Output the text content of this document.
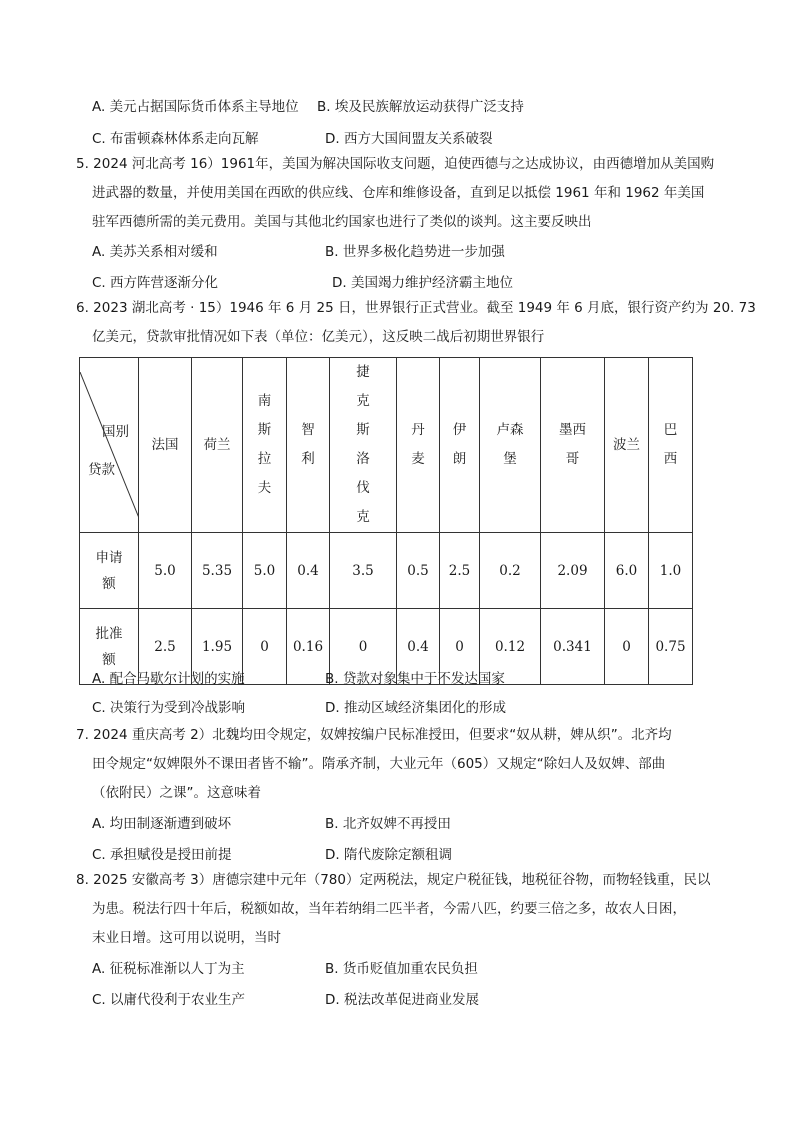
A. 美元占据国际货币体系主导地位 B. 埃及民族解放运动获得广泛支持
C. 布雷顿森林体系走向瓦解	D. 西方大国间盟友关系破裂
5. 2024 河北高考 16）1961年，美国为解决国际收支问题，迫使西德与之达成协议，由西德增加从美国购
进武器的数量，并使用美国在西欧的供应线、仓库和维修设备，直到足以抵偿 1961 年和 1962 年美国
驻军西德所需的美元费用。美国与其他北约国家也进行了类似的谈判。这主要反映出
A. 美苏关系相对缓和	B. 世界多极化趋势进一步加强
C. 西方阵营逐渐分化	D. 美国竭力维护经济霸主地位
6. 2023 湖北高考 · 15）1946 年 6 月 25 日，世界银行正式营业。截至 1949 年 6 月底，银行资产约为 20. 73
亿美元，贷款审批情况如下表（单位：亿美元），这反映二战后初期世界银行
国别
贷款	法国	荷兰	南斯拉夫	智利	捷克斯洛伐克	丹麦	伊朗	卢森堡	墨西哥	波兰	巴西

申请额	5.0	5.35	5.0	0.4	3.5	0.5	2.5	0.2	2.09	6.0	1.0

批准额	2.5	1.95	0	0.16	0	0.4	0	0.12	0.341	0	0.75
A. 配合马歇尔计划的实施	B. 贷款对象集中于不发达国家
C. 决策行为受到冷战影响	D. 推动区域经济集团化的形成
7. 2024 重庆高考 2）北魏均田令规定，奴婢按编户民标准授田，但要求“奴从耕，婢从织”。北齐均
田令规定“奴婢限外不课田者皆不输”。隋承齐制，大业元年（605）又规定“除妇人及奴婢、部曲
（依附民）之课”。这意味着
A. 均田制逐渐遭到破坏	B. 北齐奴婢不再授田
C. 承担赋役是授田前提	D. 隋代废除定额租调
8. 2025 安徽高考 3）唐德宗建中元年（780）定两税法，规定户税征钱，地税征谷物，而物轻钱重，民以
为患。税法行四十年后，税额如故，当年若纳绢二匹半者，今需八匹，约要三倍之多，故农人日困，
末业日增。这可用以说明，当时
A. 征税标准渐以人丁为主	B. 货币贬值加重农民负担
C. 以庸代役利于农业生产	D. 税法改革促进商业发展
